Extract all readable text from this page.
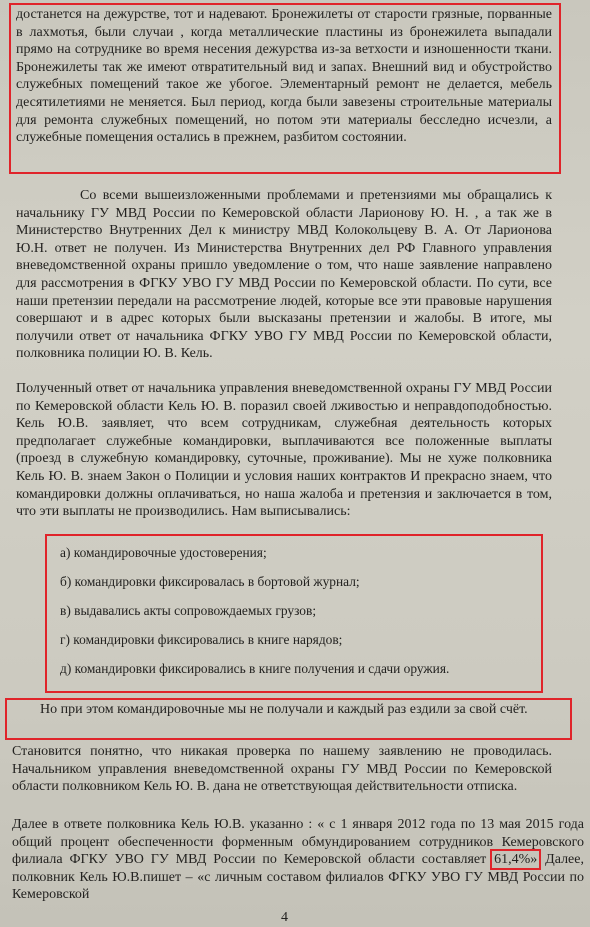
достанется на дежурстве, тот и надевают. Бронежилеты от старости грязные, порванные в лахмотья, были случаи , когда металлические пластины из бронежилета выпадали прямо на сотруднике во время несения дежурства из-за ветхости и изношенности ткани. Бронежилеты так же имеют отвратительный вид и запах. Внешний вид и обустройство служебных помещений такое же убогое. Элементарный ремонт не делается, мебель десятилетиями не меняется. Был период, когда были завезены строительные материалы для ремонта служебных помещений, но потом эти материалы бесследно исчезли, а служебные помещения остались в прежнем, разбитом состоянии.

Со всеми вышеизложенными проблемами и претензиями мы обращались к начальнику ГУ МВД России по Кемеровской области Ларионову Ю. Н. , а так же в Министерство Внутренних Дел к министру МВД Колокольцеву В. А. От Ларионова Ю.Н. ответ не получен. Из Министерства Внутренних дел РФ Главного управления вневедомственной охраны пришло уведомление о том, что наше заявление направлено для рассмотрения в ФГКУ УВО ГУ МВД России по Кемеровской области. По сути, все наши претензии передали на рассмотрение людей, которые все эти правовые нарушения совершают и в адрес которых были высказаны претензии и жалобы. В итоге, мы получили ответ от начальника ФГКУ УВО ГУ МВД России по Кемеровской области, полковника полиции Ю. В. Кель.

Полученный ответ от начальника управления вневедомственной охраны ГУ МВД России по Кемеровской области Кель Ю. В. поразил своей лживостью и неправдоподобностью. Кель Ю.В. заявляет, что всем сотрудникам, служебная деятельность которых предполагает служебные командировки, выплачиваются все положенные выплаты (проезд в служебную командировку, суточные, проживание). Мы не хуже полковника Кель Ю. В. знаем Закон о Полиции и условия наших контрактов И прекрасно знаем, что командировки должны оплачиваться, но наша жалоба и претензия и заключается в том, что эти выплаты не производились. Нам выписывались:

а) командировочные удостоверения;

б) командировки фиксировалась в бортовой журнал;

в) выдавались акты сопровождаемых грузов;

г) командировки фиксировались в книге нарядов;

д) командировки фиксировались в книге получения и сдачи оружия.

Но при этом командировочные мы не получали и каждый раз ездили за свой счёт.

Становится понятно, что никакая проверка по нашему заявлению не проводилась. Начальником управления вневедомственной охраны ГУ МВД России по Кемеровской области полковником Кель Ю. В. дана не ответствующая действительности отписка.

Далее в ответе полковника Кель Ю.В. указанно : « с 1 января 2012 года по 13 мая 2015 года общий процент обеспеченности форменным обмундированием сотрудников Кемеровского филиала ФГКУ УВО ГУ МВД России по Кемеровской области составляет 61,4%» Далее, полковник Кель Ю.В.пишет – «с личным составом филиалов ФГКУ УВО ГУ МВД России по Кемеровской

4
